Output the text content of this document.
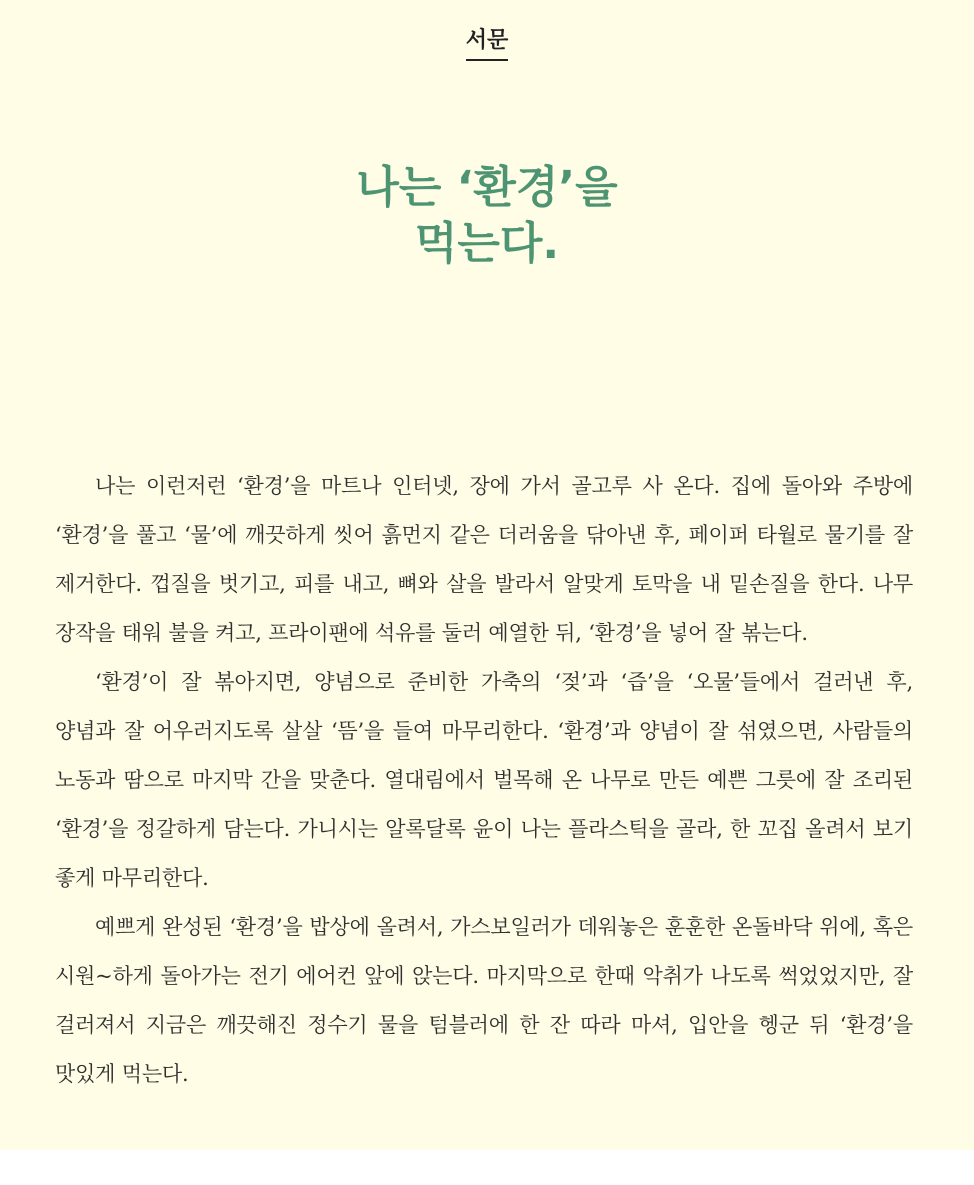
서문
나는 ‘환경’을
먹는다.

나는 이런저런 ‘환경’을 마트나 인터넷, 장에 가서 골고루 사 온다. 집에 돌아와 주방에 ‘환경’을 풀고 ‘물’에 깨끗하게 씻어 흙먼지 같은 더러움을 닦아낸 후, 페이퍼 타월로 물기를 잘 제거한다. 껍질을 벗기고, 피를 내고, 뼈와 살을 발라서 알맞게 토막을 내 밑손질을 한다. 나무 장작을 태워 불을 켜고, 프라이팬에 석유를 둘러 예열한 뒤, ‘환경’을 넣어 잘 볶는다.

‘환경’이 잘 볶아지면, 양념으로 준비한 가축의 ‘젖’과 ‘즙’을 ‘오물’들에서 걸러낸 후, 양념과 잘 어우러지도록 살살 ‘뜸’을 들여 마무리한다. ‘환경’과 양념이 잘 섞였으면, 사람들의 노동과 땀으로 마지막 간을 맞춘다. 열대림에서 벌목해 온 나무로 만든 예쁜 그릇에 잘 조리된 ‘환경’을 정갈하게 담는다. 가니시는 알록달록 윤이 나는 플라스틱을 골라, 한 꼬집 올려서 보기 좋게 마무리한다.

예쁘게 완성된 ‘환경’을 밥상에 올려서, 가스보일러가 데워놓은 훈훈한 온돌바닥 위에, 혹은 시원~하게 돌아가는 전기 에어컨 앞에 앉는다. 마지막으로 한때 악취가 나도록 썩었었지만, 잘 걸러져서 지금은 깨끗해진 정수기 물을 텀블러에 한 잔 따라 마셔, 입안을 헹군 뒤 ‘환경’을 맛있게 먹는다.
